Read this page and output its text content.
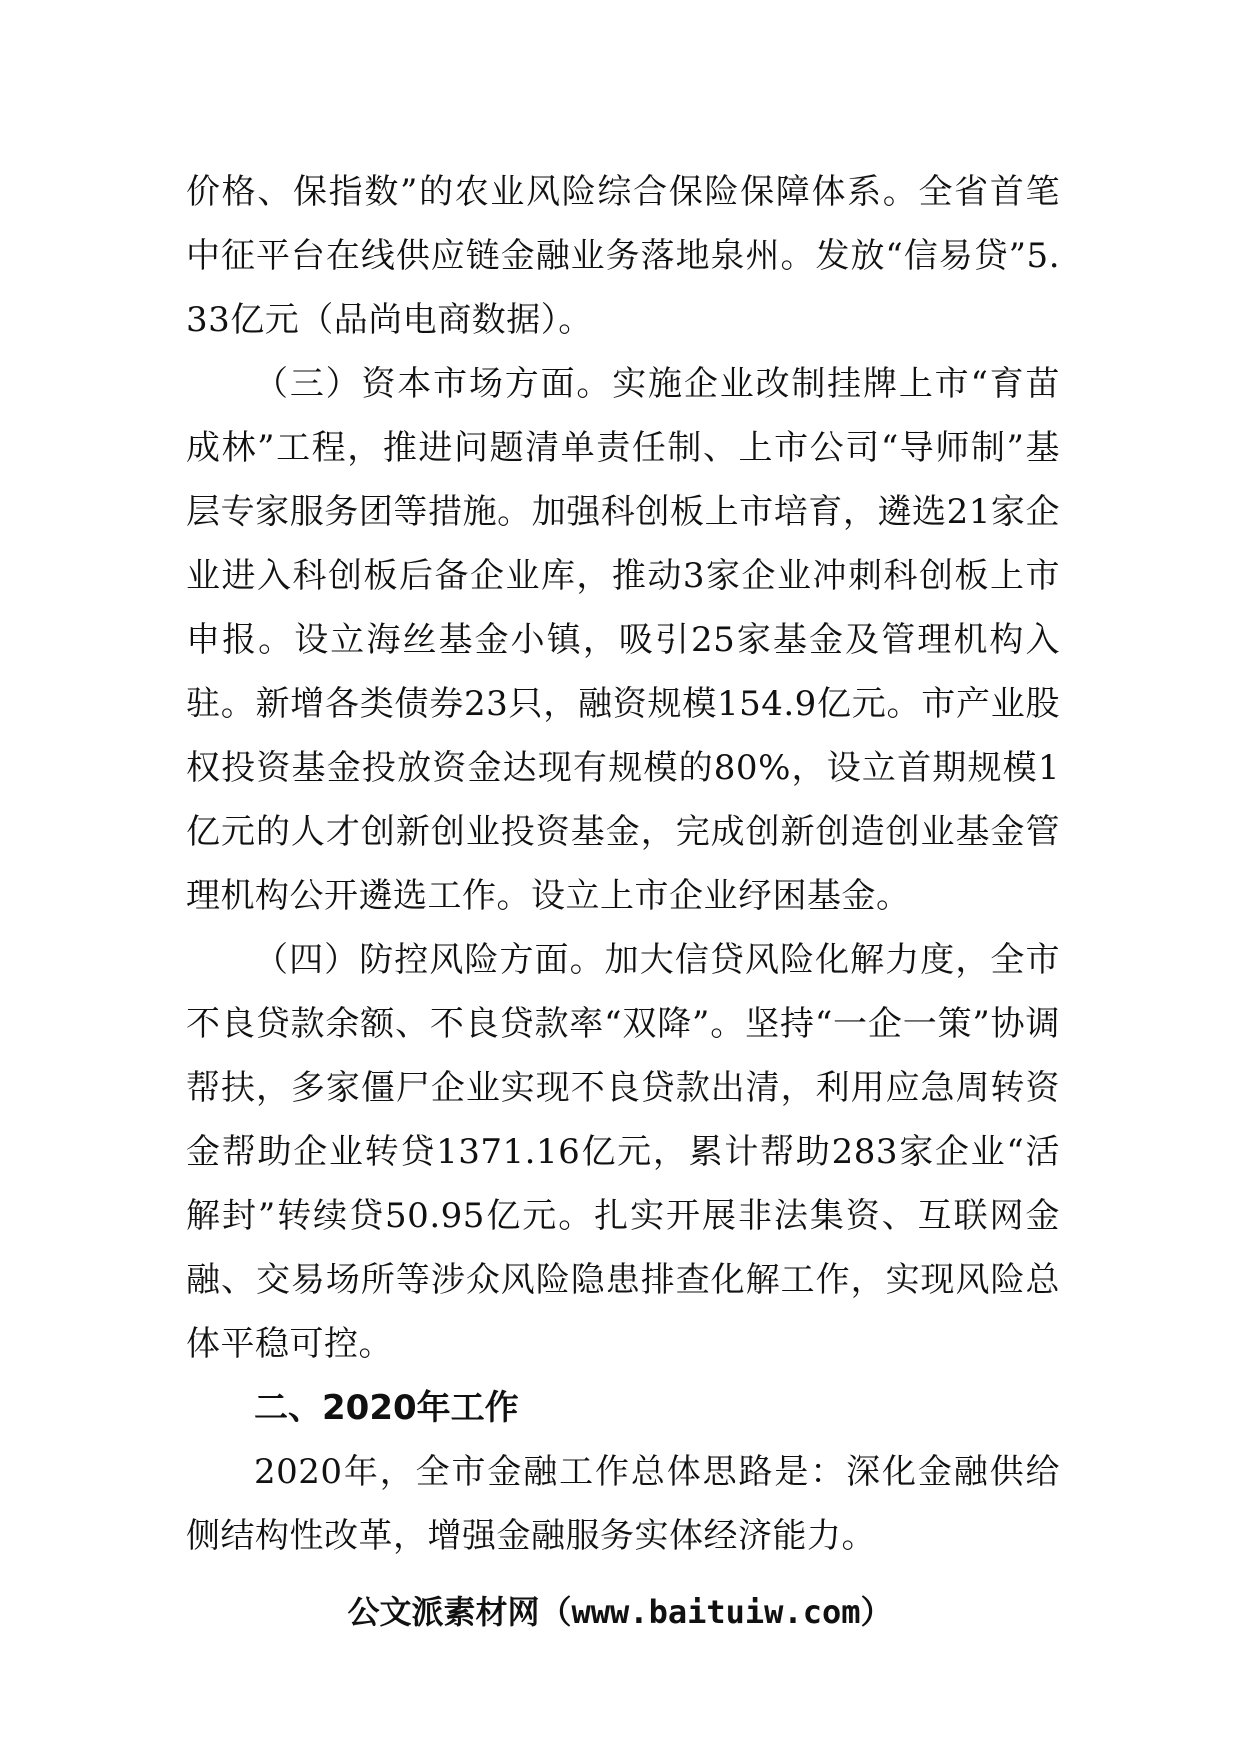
价格、保指数”的农业风险综合保险保障体系。全省首笔中征平台在线供应链金融业务落地泉州。发放“信易贷”5.33亿元（品尚电商数据）。

（三）资本市场方面。实施企业改制挂牌上市“育苗成林”工程，推进问题清单责任制、上市公司“导师制”基层专家服务团等措施。加强科创板上市培育，遴选21家企业进入科创板后备企业库，推动3家企业冲刺科创板上市申报。设立海丝基金小镇，吸引25家基金及管理机构入驻。新增各类债券23只，融资规模154.9亿元。市产业股权投资基金投放资金达现有规模的80%，设立首期规模1亿元的人才创新创业投资基金，完成创新创造创业基金管理机构公开遴选工作。设立上市企业纾困基金。

（四）防控风险方面。加大信贷风险化解力度，全市不良贷款余额、不良贷款率“双降”。坚持“一企一策”协调帮扶，多家僵尸企业实现不良贷款出清，利用应急周转资金帮助企业转贷1371.16亿元，累计帮助283家企业“活解封”转续贷50.95亿元。扎实开展非法集资、互联网金融、交易场所等涉众风险隐患排查化解工作，实现风险总体平稳可控。

二、2020年工作

2020年，全市金融工作总体思路是：深化金融供给侧结构性改革，增强金融服务实体经济能力。

公文派素材网（www.baituiw.com）
